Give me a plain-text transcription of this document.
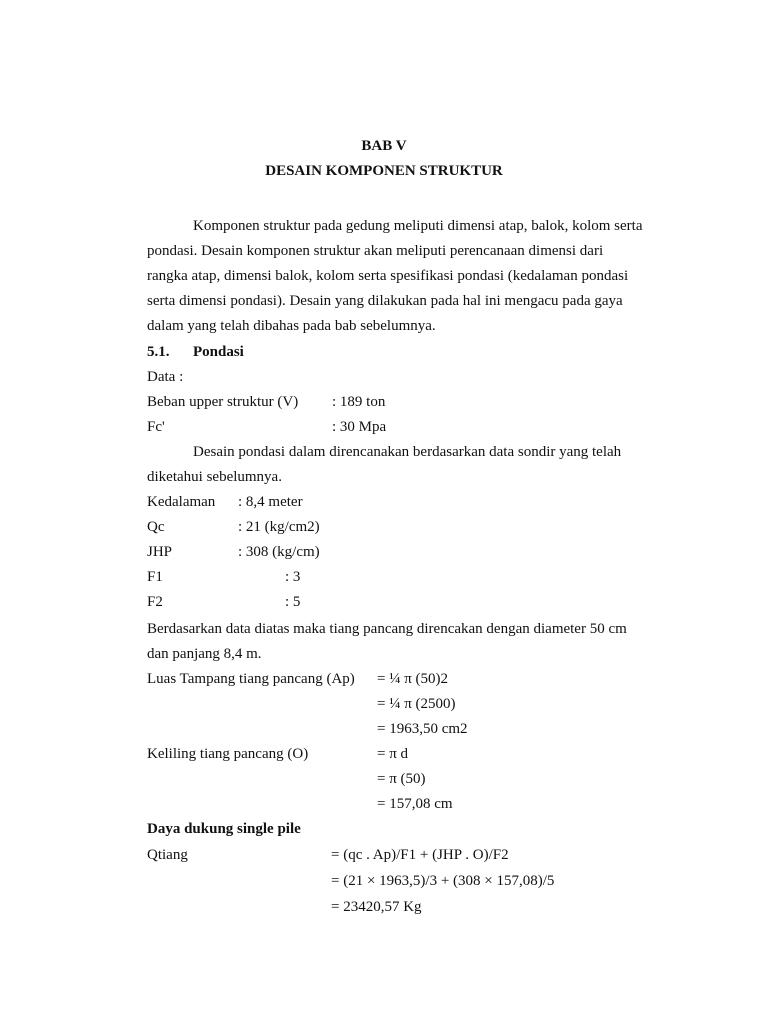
BAB V
DESAIN KOMPONEN STRUKTUR
Komponen struktur pada gedung meliputi dimensi atap, balok, kolom serta
pondasi. Desain komponen struktur akan meliputi perencanaan dimensi dari
rangka atap, dimensi balok, kolom serta spesifikasi pondasi (kedalaman pondasi
serta dimensi pondasi). Desain yang dilakukan pada hal ini mengacu pada gaya
dalam yang telah dibahas pada bab sebelumnya.
5.1. Pondasi
Data :
Beban upper struktur (V) : 189 ton
Fc'	: 30 Mpa
Desain pondasi dalam direncanakan berdasarkan data sondir yang telah
diketahui sebelumnya.
Kedalaman : 8,4 meter
Qc	: 21 (kg/cm2)
JHP	: 308 (kg/cm)
F1	: 3
F2	: 5
Berdasarkan data diatas maka tiang pancang direncakan dengan diameter 50 cm
dan panjang 8,4 m.
Luas Tampang tiang pancang (Ap) = ¼ π (50)2
= ¼ π (2500)
= 1963,50 cm2
Keliling tiang pancang (O)	= π d
= π (50)
= 157,08 cm
Daya dukung single pile
Qtiang	= (qc . Ap)/F1 + (JHP . O)/F2
= (21 × 1963,5)/3 + (308 × 157,08)/5
= 23420,57 Kg
